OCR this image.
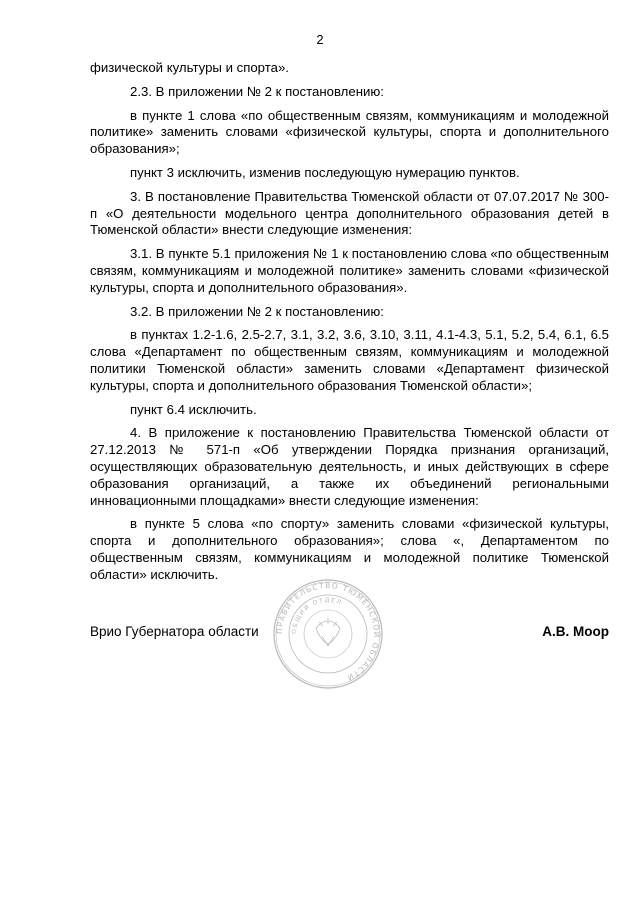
2

физической культуры и спорта».

2.3. В приложении № 2 к постановлению:

в пункте 1 слова «по общественным связям, коммуникациям и молодежной политике» заменить словами «физической культуры, спорта и дополнительного образования»;

пункт 3 исключить, изменив последующую нумерацию пунктов.

3. В постановление Правительства Тюменской области от 07.07.2017 № 300-п «О деятельности модельного центра дополнительного образования детей в Тюменской области» внести следующие изменения:

3.1. В пункте 5.1 приложения № 1 к постановлению слова «по общественным связям, коммуникациям и молодежной политике» заменить словами «физической культуры, спорта и дополнительного образования».

3.2. В приложении № 2 к постановлению:

в пунктах 1.2-1.6, 2.5-2.7, 3.1, 3.2, 3.6, 3.10, 3.11, 4.1-4.3, 5.1, 5.2, 5.4, 6.1, 6.5 слова «Департамент по общественным связям, коммуникациям и молодежной политики Тюменской области» заменить словами «Департамент физической культуры, спорта и дополнительного образования Тюменской области»;

пункт 6.4 исключить.

4. В приложение к постановлению Правительства Тюменской области от 27.12.2013 № 571-п «Об утверждении Порядка признания организаций, осуществляющих образовательную деятельность, и иных действующих в сфере образования организаций, а также их объединений региональными инновационными площадками» внести следующие изменения:

в пункте 5 слова «по спорту» заменить словами «физической культуры, спорта и дополнительного образования»; слова «, Департаментом по общественным связям, коммуникациям и молодежной политике Тюменской области» исключить.

ПРАВИТЕЛЬСТВО ТЮМЕНСКОЙ ОБЛАСТИ
ОБЩИЙ ОТДЕЛ
Врио Губернатора области	А.В. Моор
